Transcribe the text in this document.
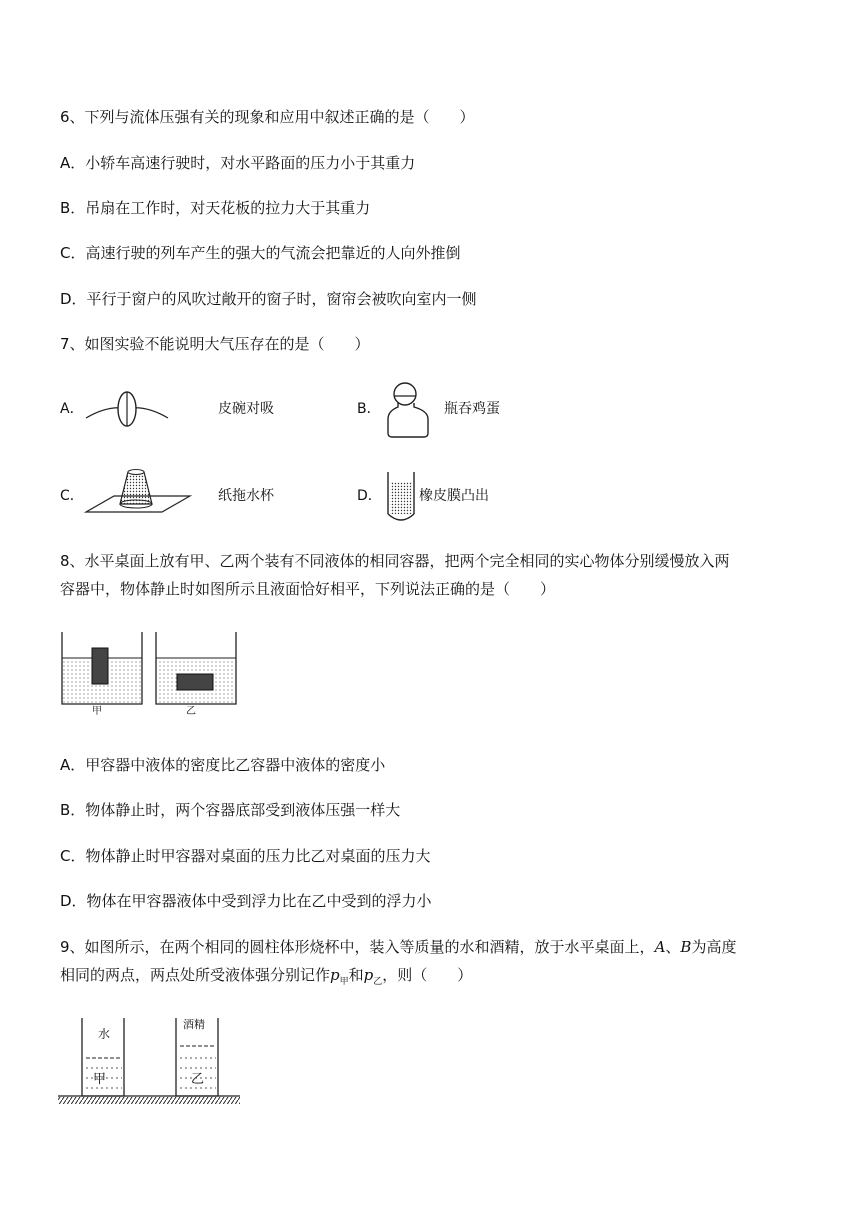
6、下列与流体压强有关的现象和应用中叙述正确的是（　　）
A．小轿车高速行驶时，对水平路面的压力小于其重力
B．吊扇在工作时，对天花板的拉力大于其重力
C．高速行驶的列车产生的强大的气流会把靠近的人向外推倒
D．平行于窗户的风吹过敞开的窗子时，窗帘会被吹向室内一侧
7、如图实验不能说明大气压存在的是（　　）
A．	皮碗对吸	B．	瓶吞鸡蛋
C．	纸拖水杯	D．	橡皮膜凸出
8、水平桌面上放有甲、乙两个装有不同液体的相同容器，把两个完全相同的实心物体分别缓慢放入两
容器中，物体静止时如图所示且液面恰好相平，下列说法正确的是（　　）
甲	乙
A．甲容器中液体的密度比乙容器中液体的密度小
B．物体静止时，两个容器底部受到液体压强一样大
C．物体静止时甲容器对桌面的压力比乙对桌面的压力大
D．物体在甲容器液体中受到浮力比在乙中受到的浮力小
9、如图所示，在两个相同的圆柱体形烧杯中，装入等质量的水和酒精，放于水平桌面上，A、B为高度
相同的两点，两点处所受液体强分别记作$p_甲$和$p_乙$，则（　　）
水
酒精
甲	乙
